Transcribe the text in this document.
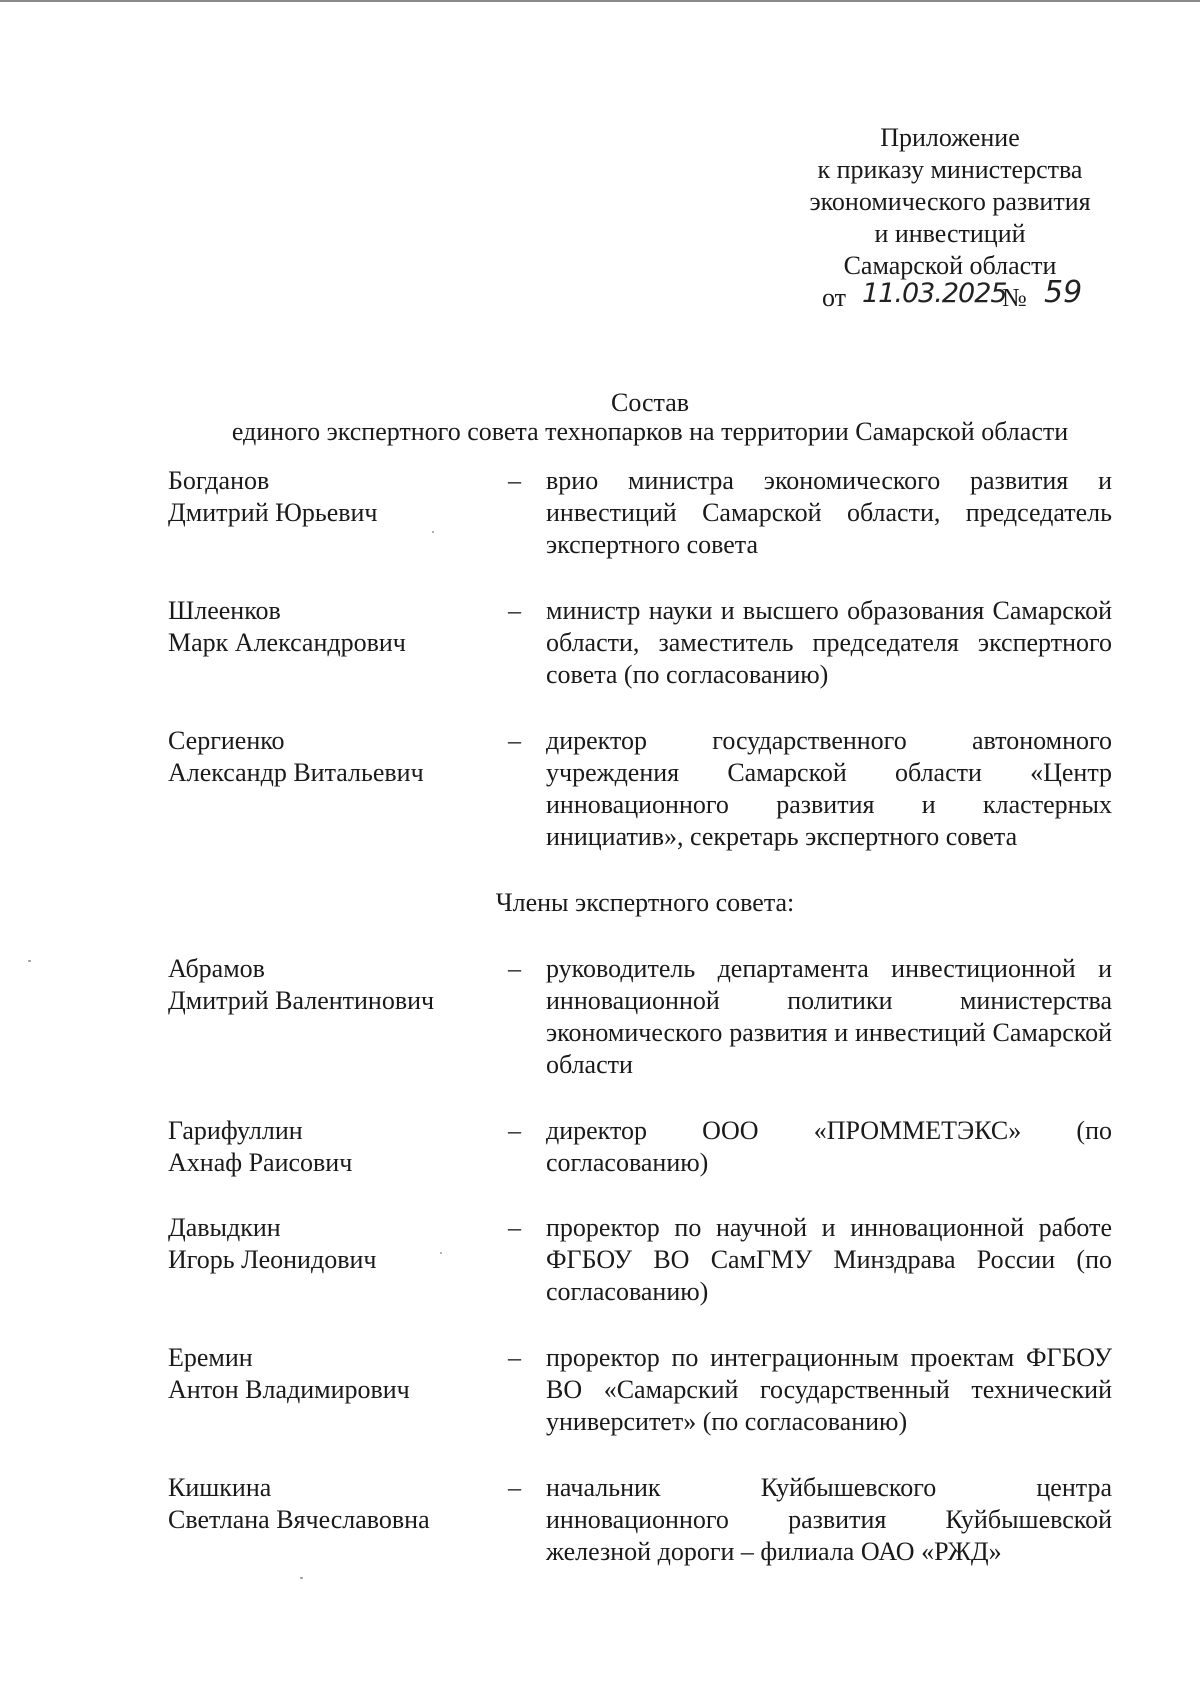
Приложение
к приказу министерства
экономического развития
и инвестиций
Самарской области
от 11.03.2025
№ 59
Состав
единого экспертного совета технопарков на территории Самарской области
Богданов
Дмитрий Юрьевич
– врио министра экономического развития и инвестиций Самарской области, председатель экспертного совета
Шлеенков
Марк Александрович
– министр науки и высшего образования Самарской области, заместитель председателя экспертного совета (по согласованию)
Сергиенко
Александр Витальевич
– директор государственного автономного учреждения Самарской области «Центр инновационного развития и кластерных инициатив», секретарь экспертного совета
Члены экспертного совета:
Абрамов
Дмитрий Валентинович
– руководитель департамента инвестиционной и инновационной политики министерства экономического развития и инвестиций Самарской области
Гарифуллин
Ахнаф Раисович
– директор ООО «ПРОММЕТЭКС» (по согласованию)
Давыдкин
Игорь Леонидович
– проректор по научной и инновационной работе ФГБОУ ВО СамГМУ Минздрава России (по согласованию)
Еремин
Антон Владимирович
– проректор по интеграционным проектам ФГБОУ ВО «Самарский государственный технический университет» (по согласованию)
Кишкина
Светлана Вячеславовна
– начальник Куйбышевского центра инновационного развития Куйбышевской железной дороги – филиала ОАО «РЖД»
